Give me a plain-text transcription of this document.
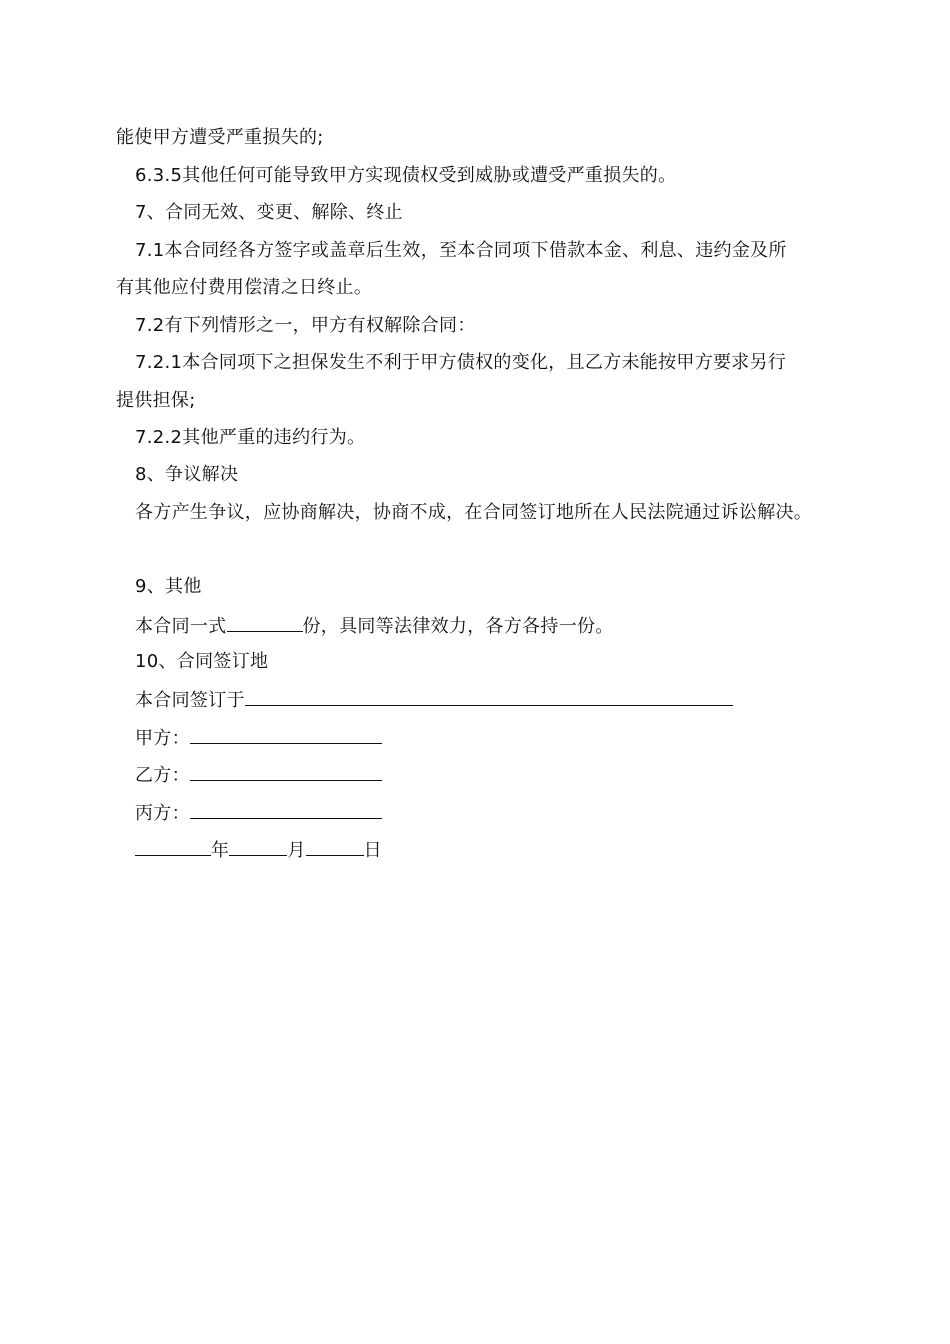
能使甲方遭受严重损失的;
6.3.5其他任何可能导致甲方实现债权受到威胁或遭受严重损失的。
7、合同无效、变更、解除、终止
7.1本合同经各方签字或盖章后生效，至本合同项下借款本金、利息、违约金及所
有其他应付费用偿清之日终止。
7.2有下列情形之一，甲方有权解除合同：
7.2.1本合同项下之担保发生不利于甲方债权的变化，且乙方未能按甲方要求另行
提供担保;
7.2.2其他严重的违约行为。
8、争议解决
各方产生争议，应协商解决，协商不成，在合同签订地所在人民法院通过诉讼解决。
9、其他
本合同一式	份，具同等法律效力，各方各持一份。
10、合同签订地
本合同签订于
甲方：
乙方：
丙方：
年	月	日
